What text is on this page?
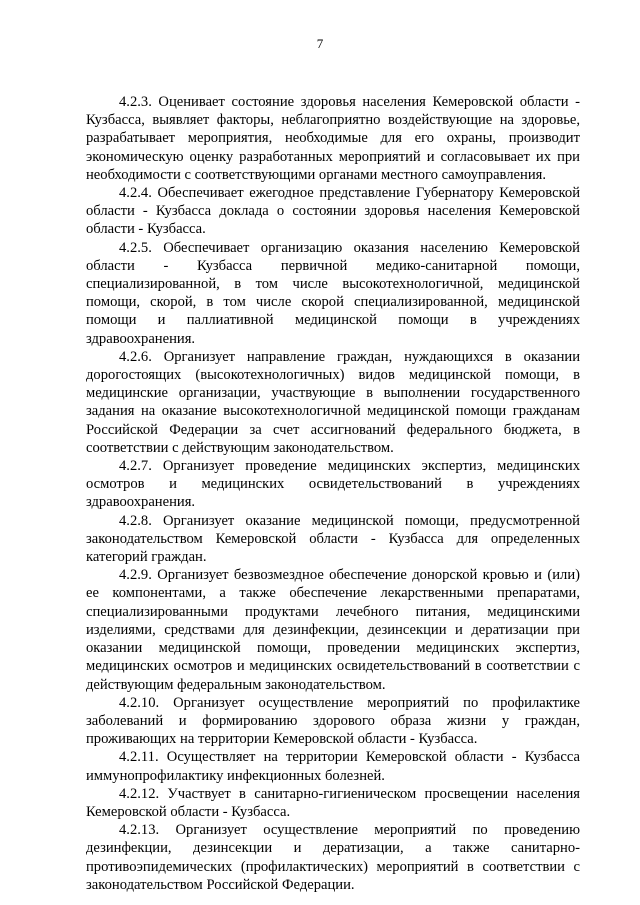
7

4.2.3. Оценивает состояние здоровья населения Кемеровской области - Кузбасса, выявляет факторы, неблагоприятно воздействующие на здоровье, разрабатывает мероприятия, необходимые для его охраны, производит экономическую оценку разработанных мероприятий и согласовывает их при необходимости с соответствующими органами местного самоуправления.

4.2.4. Обеспечивает ежегодное представление Губернатору Кемеровской области - Кузбасса доклада о состоянии здоровья населения Кемеровской области - Кузбасса.

4.2.5. Обеспечивает организацию оказания населению Кемеровской области - Кузбасса первичной медико-санитарной помощи, специализированной, в том числе высокотехнологичной, медицинской помощи, скорой, в том числе скорой специализированной, медицинской помощи и паллиативной медицинской помощи в учреждениях здравоохранения.

4.2.6. Организует направление граждан, нуждающихся в оказании дорогостоящих (высокотехнологичных) видов медицинской помощи, в медицинские организации, участвующие в выполнении государственного задания на оказание высокотехнологичной медицинской помощи гражданам Российской Федерации за счет ассигнований федерального бюджета, в соответствии с действующим законодательством.

4.2.7. Организует проведение медицинских экспертиз, медицинских осмотров и медицинских освидетельствований в учреждениях здравоохранения.

4.2.8. Организует оказание медицинской помощи, предусмотренной законодательством Кемеровской области - Кузбасса для определенных категорий граждан.

4.2.9. Организует безвозмездное обеспечение донорской кровью и (или) ее компонентами, а также обеспечение лекарственными препаратами, специализированными продуктами лечебного питания, медицинскими изделиями, средствами для дезинфекции, дезинсекции и дератизации при оказании медицинской помощи, проведении медицинских экспертиз, медицинских осмотров и медицинских освидетельствований в соответствии с действующим федеральным законодательством.

4.2.10. Организует осуществление мероприятий по профилактике заболеваний и формированию здорового образа жизни у граждан, проживающих на территории Кемеровской области - Кузбасса.

4.2.11. Осуществляет на территории Кемеровской области - Кузбасса иммунопрофилактику инфекционных болезней.

4.2.12. Участвует в санитарно-гигиеническом просвещении населения Кемеровской области - Кузбасса.

4.2.13. Организует осуществление мероприятий по проведению дезинфекции, дезинсекции и дератизации, а также санитарно-противоэпидемических (профилактических) мероприятий в соответствии с законодательством Российской Федерации.
